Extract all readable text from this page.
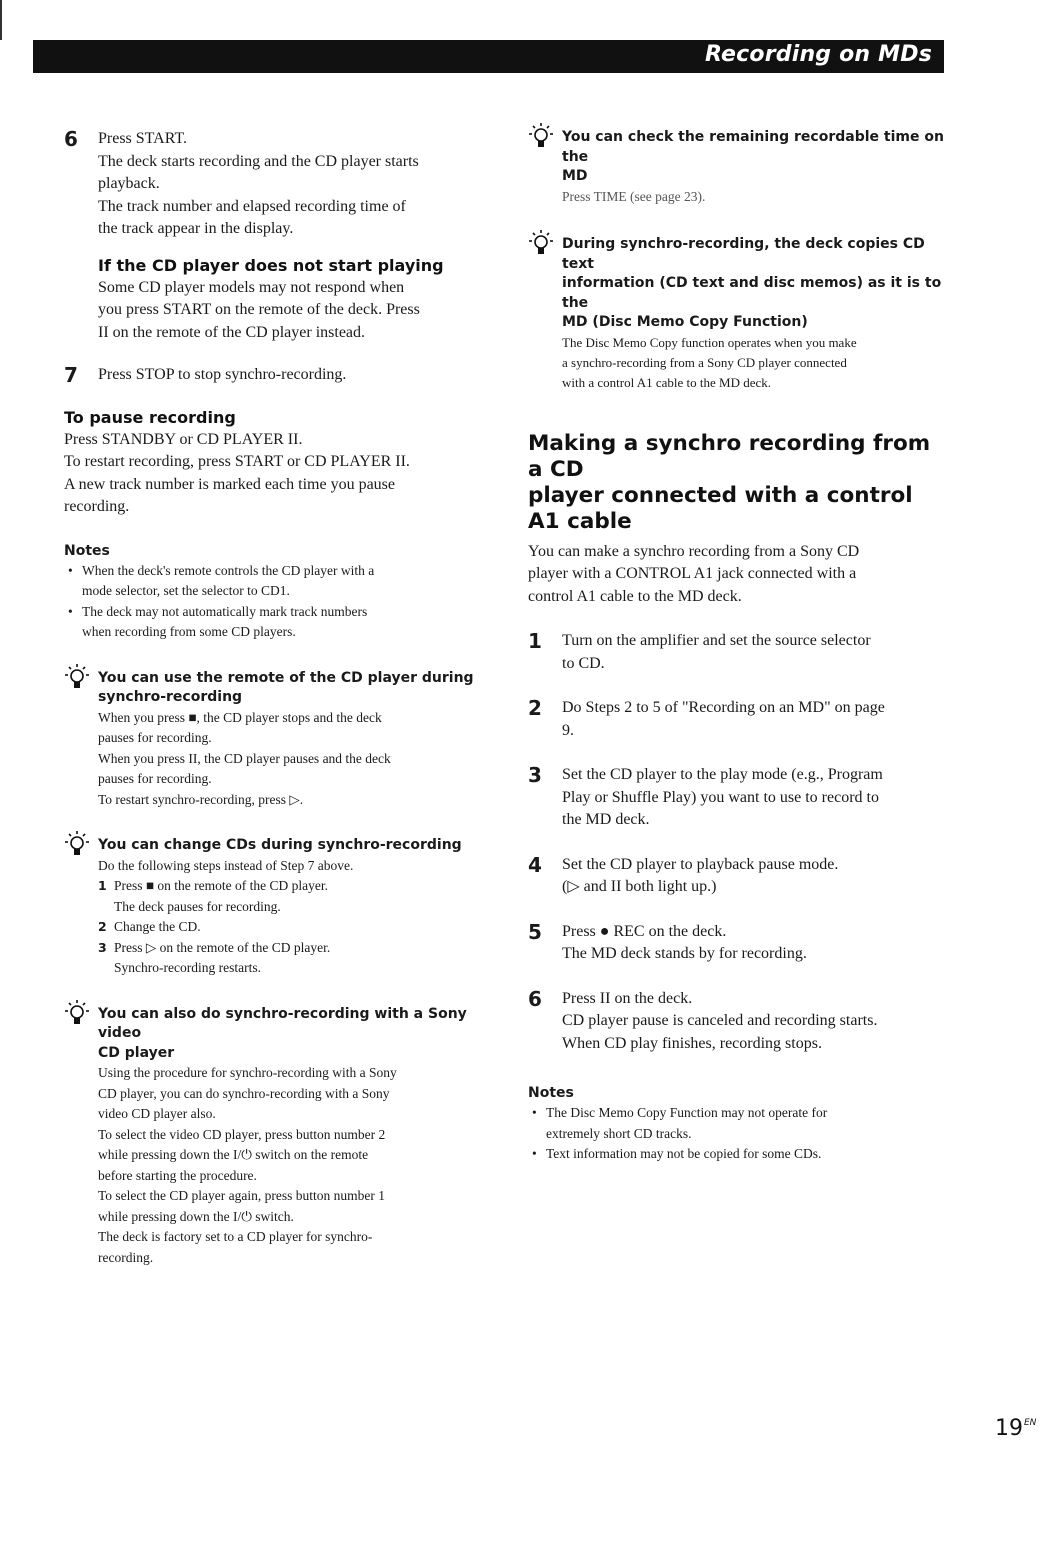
Recording on MDs
6 Press START.
The deck starts recording and the CD player starts
playback.
The track number and elapsed recording time of
the track appear in the display.
If the CD player does not start playing
Some CD player models may not respond when
you press START on the remote of the deck. Press
II on the remote of the CD player instead.
7 Press STOP to stop synchro-recording.
To pause recording
Press STANDBY or CD PLAYER II.
To restart recording, press START or CD PLAYER II.
A new track number is marked each time you pause
recording.
Notes
• When the deck's remote controls the CD player with a
mode selector, set the selector to CD1.
• The deck may not automatically mark track numbers
when recording from some CD players.
You can use the remote of the CD player during
synchro-recording
When you press ■, the CD player stops and the deck
pauses for recording.
When you press II, the CD player pauses and the deck
pauses for recording.
To restart synchro-recording, press ▷.
You can change CDs during synchro-recording
Do the following steps instead of Step 7 above.
1 Press ■ on the remote of the CD player.
The deck pauses for recording.
2 Change the CD.
3 Press ▷ on the remote of the CD player.
Synchro-recording restarts.
You can also do synchro-recording with a Sony video
CD player
Using the procedure for synchro-recording with a Sony
CD player, you can do synchro-recording with a Sony
video CD player also.
To select the video CD player, press button number 2
while pressing down the I/⏻ switch on the remote
before starting the procedure.
To select the CD player again, press button number 1
while pressing down the I/⏻ switch.
The deck is factory set to a CD player for synchro-
recording.
You can check the remaining recordable time on the
MD
Press TIME (see page 23).
During synchro-recording, the deck copies CD text
information (CD text and disc memos) as it is to the
MD (Disc Memo Copy Function)
The Disc Memo Copy function operates when you make
a synchro-recording from a Sony CD player connected
with a control A1 cable to the MD deck.
Making a synchro recording from a CD
player connected with a control A1 cable
You can make a synchro recording from a Sony CD
player with a CONTROL A1 jack connected with a
control A1 cable to the MD deck.
1 Turn on the amplifier and set the source selector
to CD.
2 Do Steps 2 to 5 of "Recording on an MD" on page
9.
3 Set the CD player to the play mode (e.g., Program
Play or Shuffle Play) you want to use to record to
the MD deck.
4 Set the CD player to playback pause mode.
(▷ and II both light up.)
5 Press ● REC on the deck.
The MD deck stands by for recording.
6 Press II on the deck.
CD player pause is canceled and recording starts.
When CD play finishes, recording stops.
Notes
• The Disc Memo Copy Function may not operate for
extremely short CD tracks.
• Text information may not be copied for some CDs.
$19^{EN}$
